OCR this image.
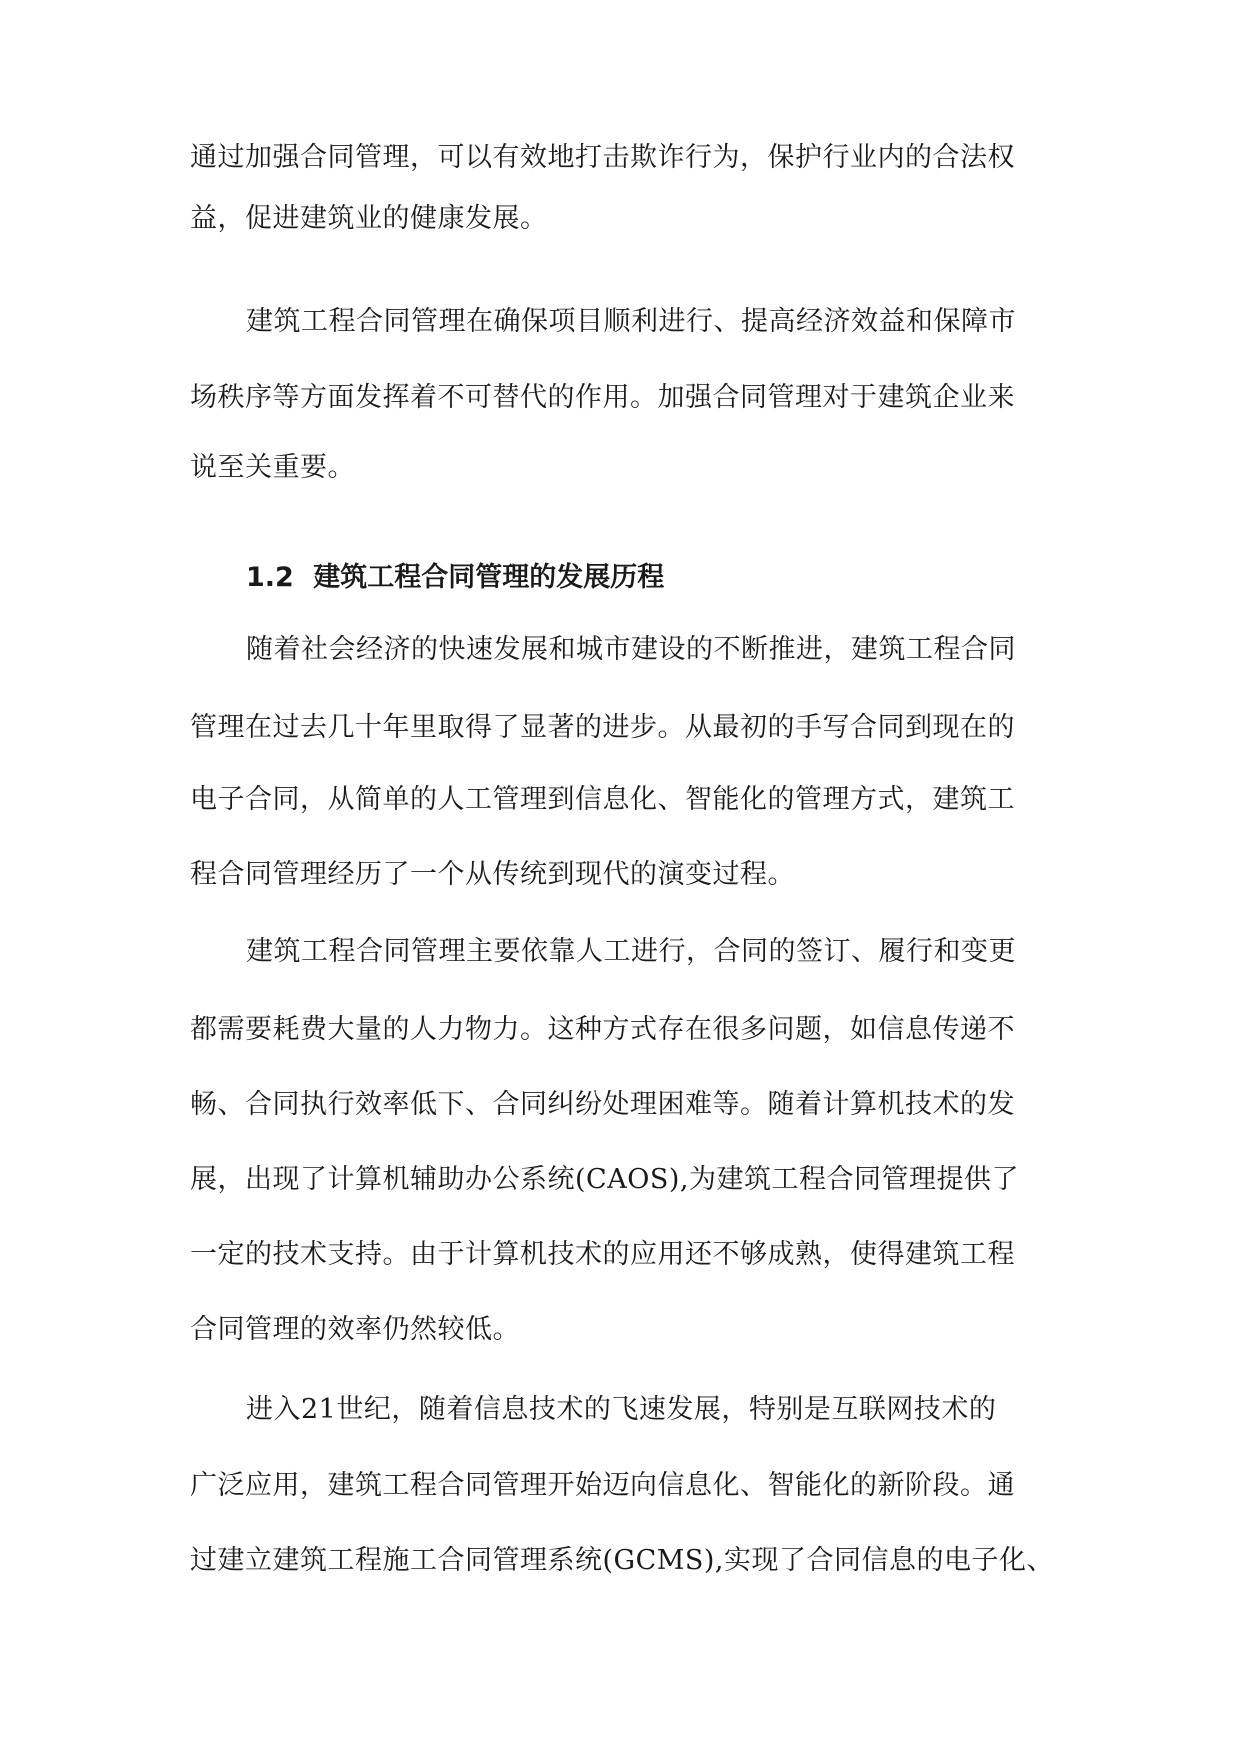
通过加强合同管理，可以有效地打击欺诈行为，保护行业内的合法权
益，促进建筑业的健康发展。
建筑工程合同管理在确保项目顺利进行、提高经济效益和保障市
场秩序等方面发挥着不可替代的作用。加强合同管理对于建筑企业来
说至关重要。
1.2 建筑工程合同管理的发展历程
随着社会经济的快速发展和城市建设的不断推进，建筑工程合同
管理在过去几十年里取得了显著的进步。从最初的手写合同到现在的
电子合同，从简单的人工管理到信息化、智能化的管理方式，建筑工
程合同管理经历了一个从传统到现代的演变过程。
建筑工程合同管理主要依靠人工进行，合同的签订、履行和变更
都需要耗费大量的人力物力。这种方式存在很多问题，如信息传递不
畅、合同执行效率低下、合同纠纷处理困难等。随着计算机技术的发
展，出现了计算机辅助办公系统(CAOS),为建筑工程合同管理提供了
一定的技术支持。由于计算机技术的应用还不够成熟，使得建筑工程
合同管理的效率仍然较低。
进入21世纪，随着信息技术的飞速发展，特别是互联网技术的
广泛应用，建筑工程合同管理开始迈向信息化、智能化的新阶段。通
过建立建筑工程施工合同管理系统(GCMS),实现了合同信息的电子化、
